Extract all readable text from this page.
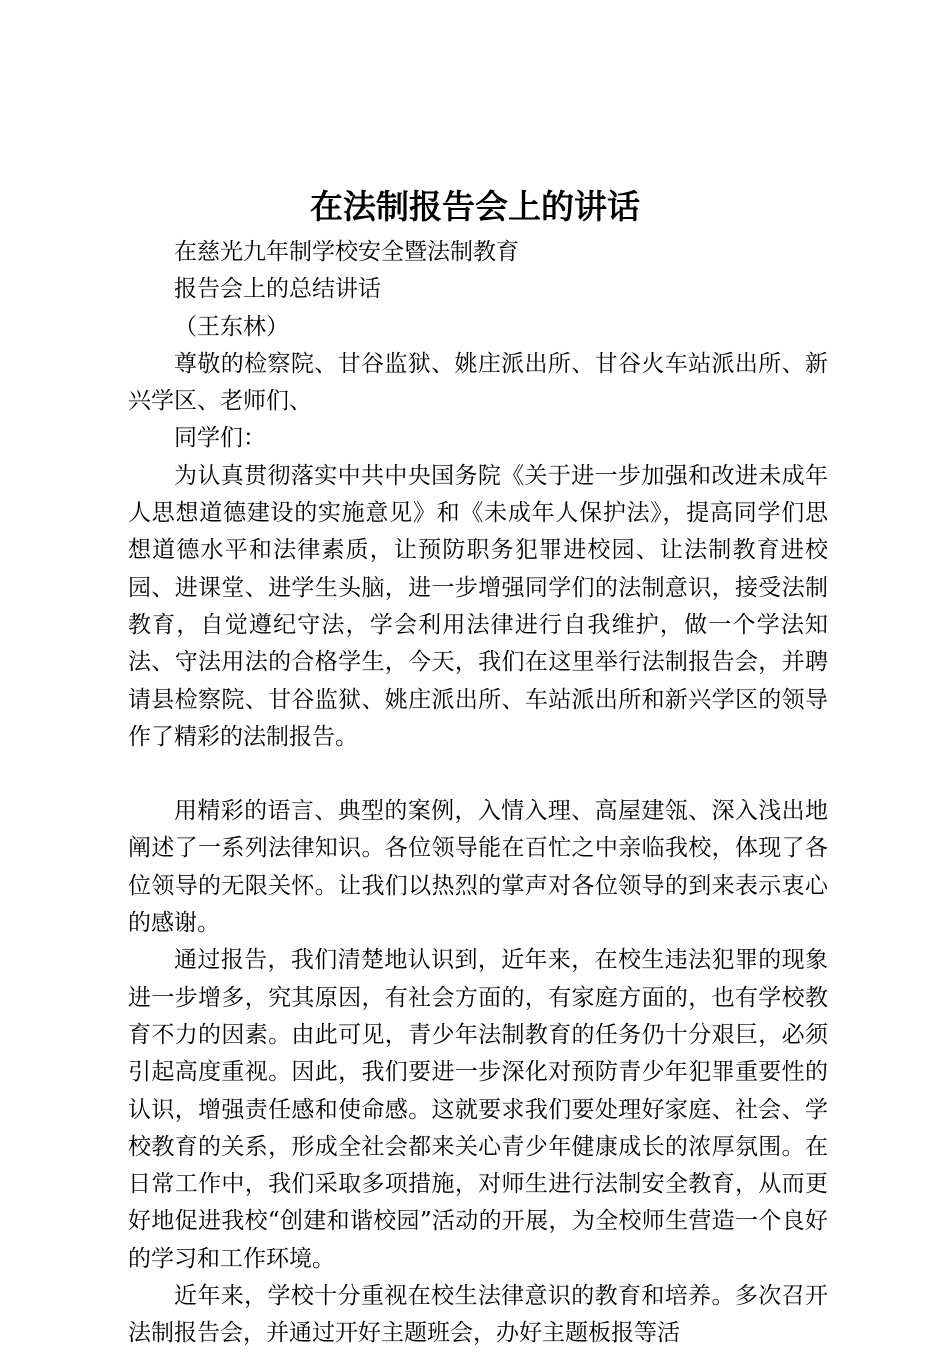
在法制报告会上的讲话

在慈光九年制学校安全暨法制教育

报告会上的总结讲话

（王东林）

尊敬的检察院、甘谷监狱、姚庄派出所、甘谷火车站派出所、新兴学区、老师们、

同学们：

为认真贯彻落实中共中央国务院《关于进一步加强和改进未成年人思想道德建设的实施意见》和《未成年人保护法》，提高同学们思想道德水平和法律素质，让预防职务犯罪进校园、让法制教育进校园、进课堂、进学生头脑，进一步增强同学们的法制意识，接受法制教育，自觉遵纪守法，学会利用法律进行自我维护，做一个学法知法、守法用法的合格学生，今天，我们在这里举行法制报告会，并聘请县检察院、甘谷监狱、姚庄派出所、车站派出所和新兴学区的领导作了精彩的法制报告。

用精彩的语言、典型的案例，入情入理、高屋建瓴、深入浅出地阐述了一系列法律知识。各位领导能在百忙之中亲临我校，体现了各位领导的无限关怀。让我们以热烈的掌声对各位领导的到来表示衷心的感谢。

通过报告，我们清楚地认识到，近年来，在校生违法犯罪的现象进一步增多，究其原因，有社会方面的，有家庭方面的，也有学校教育不力的因素。由此可见，青少年法制教育的任务仍十分艰巨，必须引起高度重视。因此，我们要进一步深化对预防青少年犯罪重要性的认识，增强责任感和使命感。这就要求我们要处理好家庭、社会、学校教育的关系，形成全社会都来关心青少年健康成长的浓厚氛围。在日常工作中，我们采取多项措施，对师生进行法制安全教育，从而更好地促进我校“创建和谐校园”活动的开展，为全校师生营造一个良好的学习和工作环境。

近年来，学校十分重视在校生法律意识的教育和培养。多次召开法制报告会，并通过开好主题班会，办好主题板报等活
